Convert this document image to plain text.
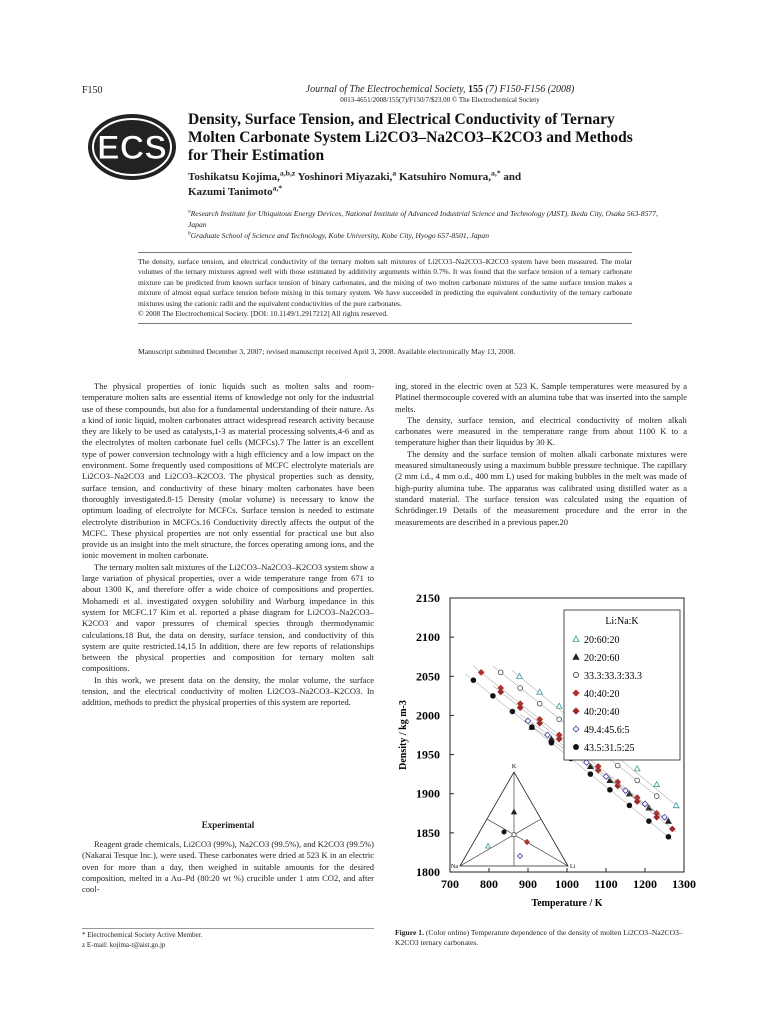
F150	Journal of The Electrochemical Society, 155 (7) F150-F156 (2008)
0013-4651/2008/155(7)/F150/7/$23.00 © The Electrochemical Society
ECS
Density, Surface Tension, and Electrical Conductivity of Ternary Molten Carbonate System Li2CO3–Na2CO3–K2CO3 and Methods for Their Estimation
Toshikatsu Kojima,$^{a,b,z}$ Yoshinori Miyazaki,$^a$ Katsuhiro Nomura,$^{a,*}$ and
Kazumi Tanimoto$^{a,*}$
$^a$Research Institute for Ubiquitous Energy Devices, National Institute of Advanced Industrial Science and Technology (AIST), Ikeda City, Osaka 563-8577, Japan
$^b$Graduate School of Science and Technology, Kobe University, Kobe City, Hyogo 657-8501, Japan
The density, surface tension, and electrical conductivity of the ternary molten salt mixtures of Li2CO3–Na2CO3–K2CO3 system have been measured. The molar volumes of the ternary mixtures agreed well with those estimated by additivity arguments within 0.7%. It was found that the surface tension of a ternary carbonate mixture can be predicted from known surface tension of binary carbonates, and the mixing of two molten carbonate mixtures of the same surface tension makes a mixture of almost equal surface tension before mixing in this ternary system. We have succeeded in predicting the equivalent conductivity of the ternary carbonate mixtures using the cationic radii and the equivalent conductivities of the pure carbonates.
© 2008 The Electrochemical Society. [DOI: 10.1149/1.2917212] All rights reserved.
Manuscript submitted December 3, 2007; revised manuscript received April 3, 2008. Available electronically May 13, 2008.

The physical properties of ionic liquids such as molten salts and room-temperature molten salts are essential items of knowledge not only for the industrial use of these compounds, but also for a fundamental understanding of their nature. As a kind of ionic liquid, molten carbonates attract widespread research activity because they are likely to be used as catalysts,1-3 as material processing solvents,4-6 and as the electrolytes of molten carbonate fuel cells (MCFCs).7 The latter is an excellent type of power conversion technology with a high efficiency and a low impact on the environment. Some frequently used compositions of MCFC electrolyte materials are Li2CO3–Na2CO3 and Li2CO3–K2CO3. The physical properties such as density, surface tension, and conductivity of these binary molten carbonates have been thoroughly investigated.8-15 Density (molar volume) is necessary to know the optimum loading of electrolyte for MCFCs. Surface tension is needed to estimate electrolyte distribution in MCFCs.16 Conductivity directly affects the output of the MCFC. These physical properties are not only essential for practical use but also provide us an insight into the melt structure, the forces operating among ions, and the ionic movement in molten carbonate.

The ternary molten salt mixtures of the Li2CO3–Na2CO3–K2CO3 system show a large variation of physical properties, over a wide temperature range from 671 to about 1300 K, and therefore offer a wide choice of compositions and properties. Mohamedi et al. investigated oxygen solubility and Warburg impedance in this system for MCFC.17 Kim et al. reported a phase diagram for Li2CO3–Na2CO3–K2CO3 and vapor pressures of chemical species through thermodynamic calculations.18 But, the data on density, surface tension, and conductivity of this system are quite restricted.14,15 In addition, there are few reports of relationships between the physical properties and composition for ternary molten salt compositions.

In this work, we present data on the density, the molar volume, the surface tension, and the electrical conductivity of molten Li2CO3–Na2CO3–K2CO3. In addition, methods to predict the physical properties of this system are reported.

Experimental

Reagent grade chemicals, Li2CO3 (99%), Na2CO3 (99.5%), and K2CO3 (99.5%) (Nakarai Tesque Inc.), were used. These carbonates were dried at 523 K in an electric oven for more than a day, then weighed in suitable amounts for the desired composition, melted in a Au–Pd (80:20 wt %) crucible under 1 atm CO2, and after cool-

ing, stored in the electric oven at 523 K. Sample temperatures were measured by a Platinel thermocouple covered with an alumina tube that was inserted into the sample melts.

The density, surface tension, and electrical conductivity of molten alkali carbonates were measured in the temperature range from about 1100 K to a temperature higher than their liquidus by 30 K.

The density and the surface tension of molten alkali carbonate mixtures were measured simultaneously using a maximum bubble pressure technique. The capillary (2 mm i.d., 4 mm o.d., 400 mm L) used for making bubbles in the melt was made of high-purity alumina tube. The apparatus was calibrated using distilled water as a standard material. The surface tension was calculated using the equation of Schrödinger.19 Details of the measurement procedure and the error in the measurements are described in a previous paper.20

700 800 900 1000 1100 1200 1300
1800
1850
1900
1950
2000
2050
2100
2150
Temperature / K
Density / kg m-3
Li:Na:K
20:60:20
20:20:60
33.3:33.3:33.3
40:40:20
40:20:40
49.4:45.6:5
43.5:31.5:25
K
Na	Li
* Electrochemical Society Active Member.
z E-mail: kojima-t@aist.go.jp
Figure 1. (Color online) Temperature dependence of the density of molten Li2CO3–Na2CO3–K2CO3 ternary carbonates.
